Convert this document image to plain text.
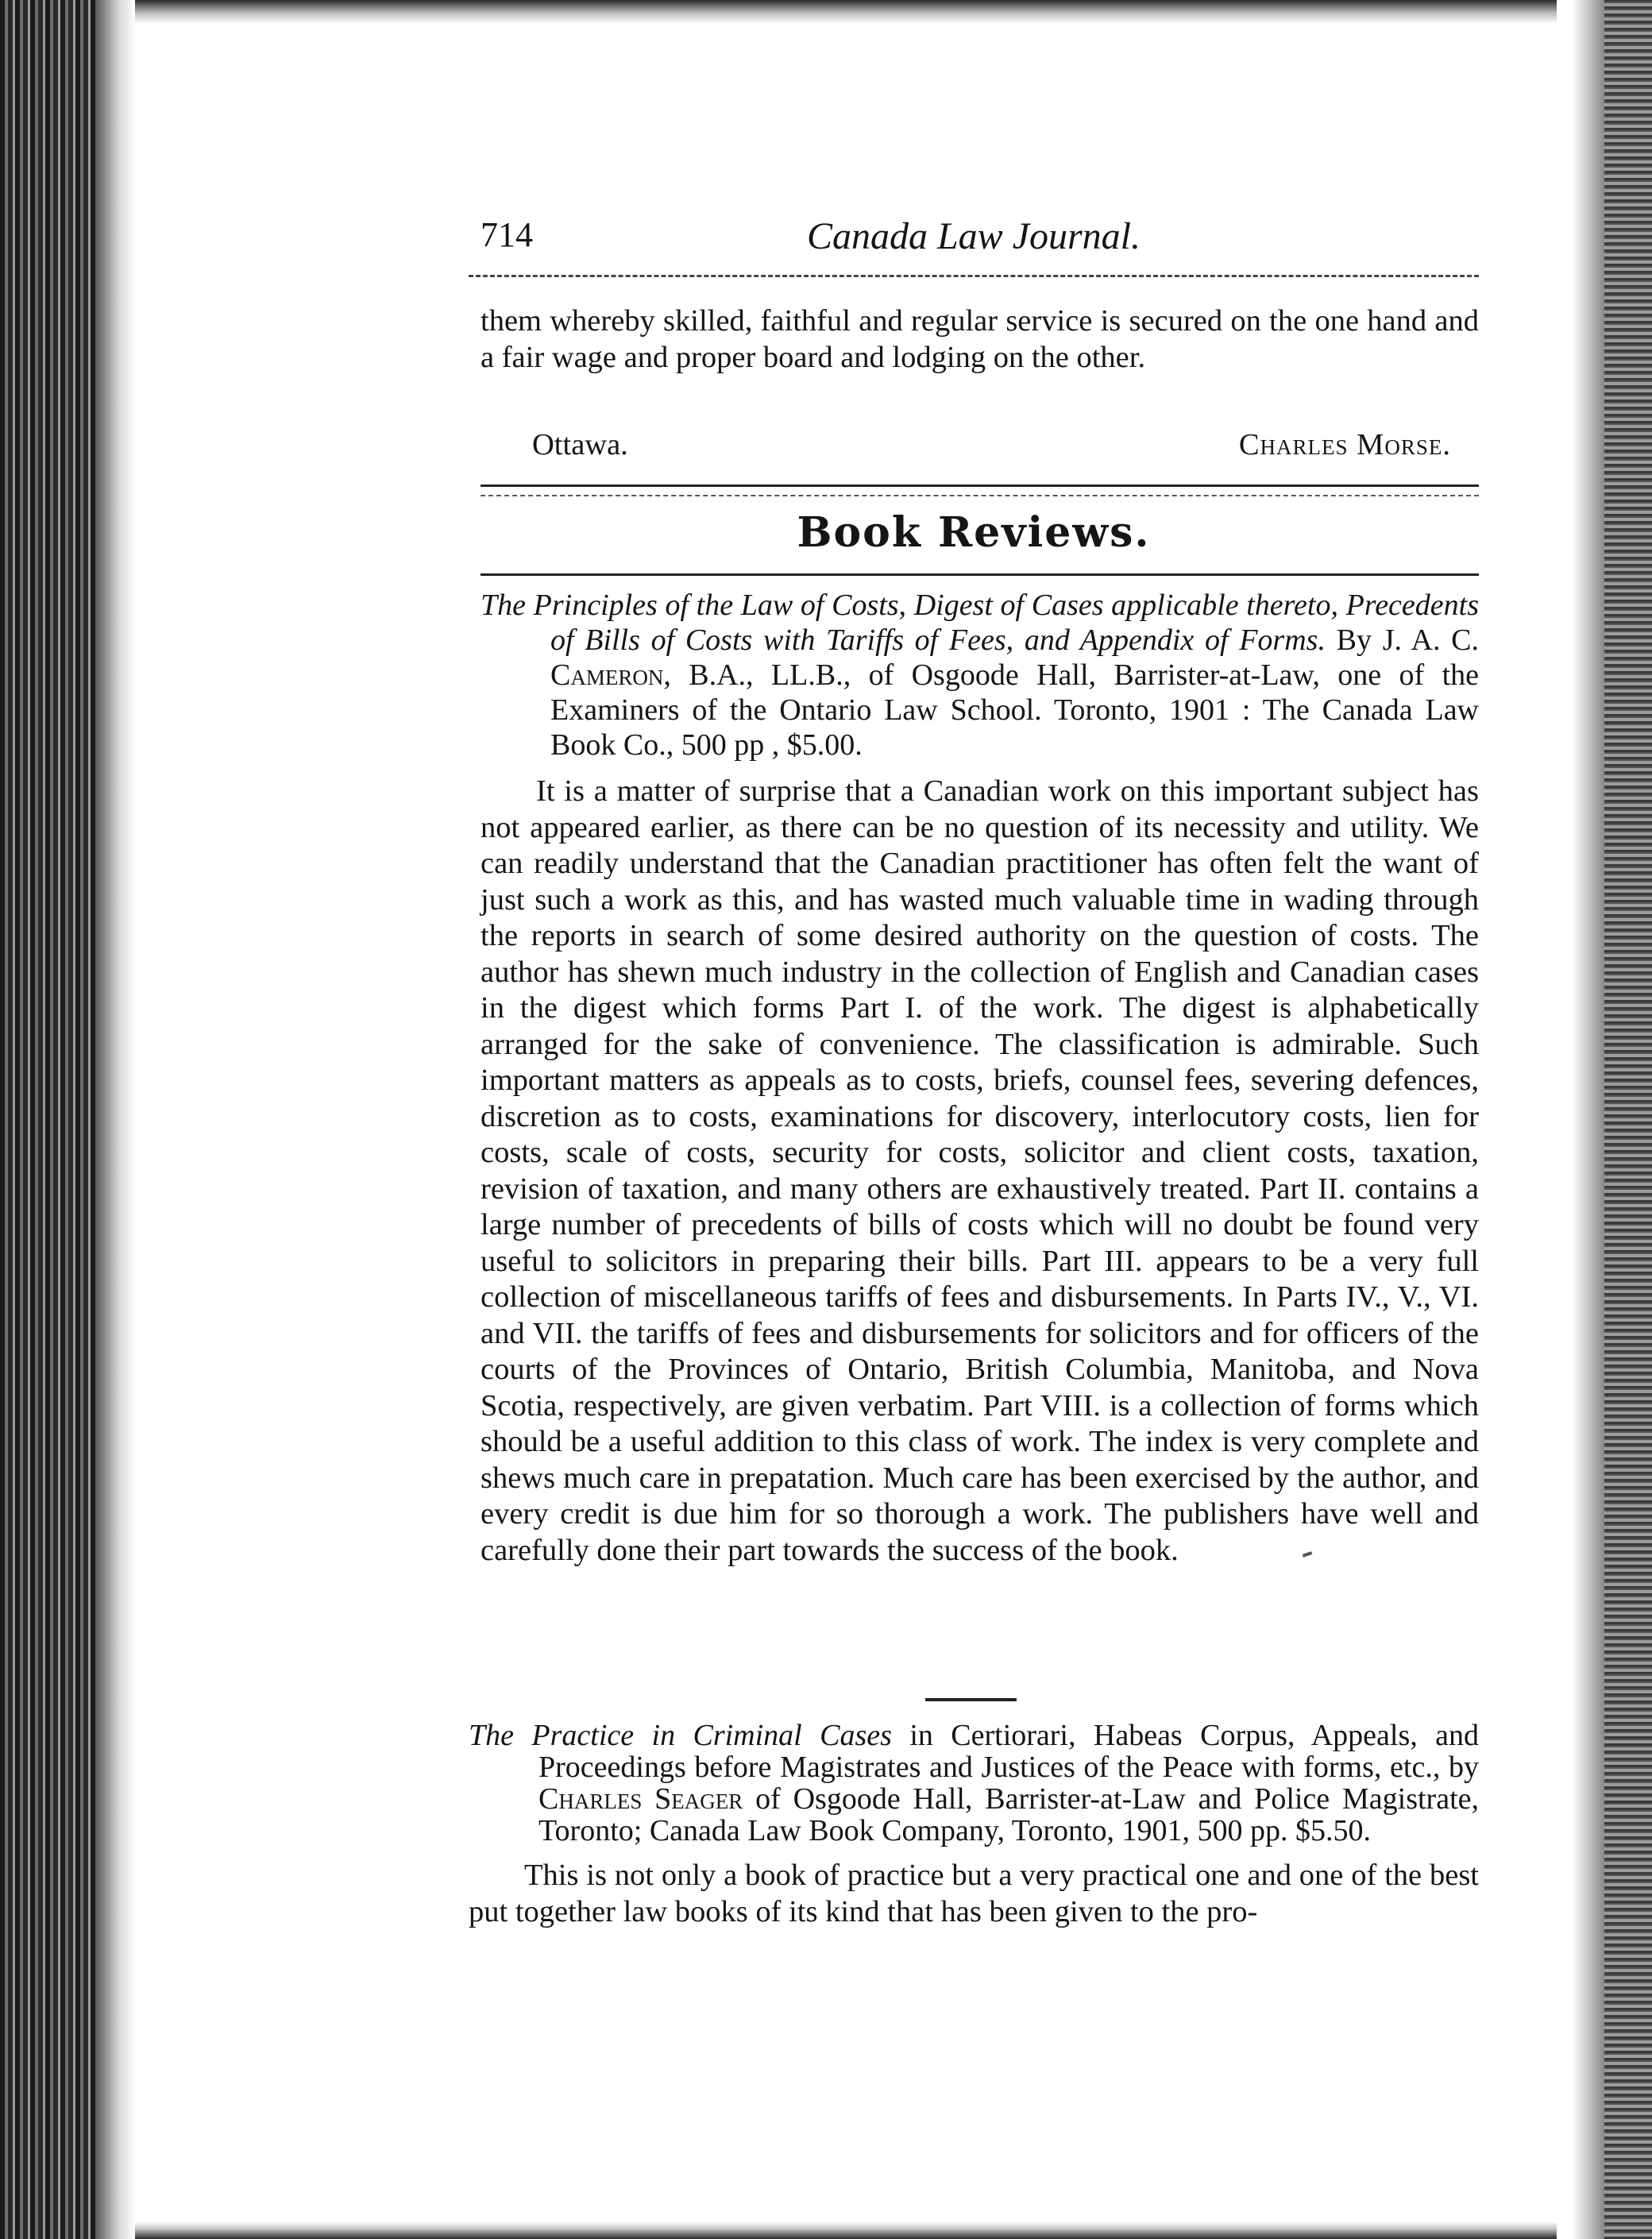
714	Canada Law Journal.

them whereby skilled, faithful and regular service is secured on the one hand and a fair wage and proper board and lodging on the other.

Ottawa.	Charles Morse.
Book Reviews.

The Principles of the Law of Costs, Digest of Cases applicable thereto, Precedents of Bills of Costs with Tariffs of Fees, and Appendix of Forms. By J. A. C. Cameron, B.A., LL.B., of Osgoode Hall, Barrister-at-Law, one of the Examiners of the Ontario Law School. Toronto, 1901 : The Canada Law Book Co., 500 pp , $5.00.

It is a matter of surprise that a Canadian work on this important subject has not appeared earlier, as there can be no question of its necessity and utility. We can readily understand that the Canadian practitioner has often felt the want of just such a work as this, and has wasted much valuable time in wading through the reports in search of some desired authority on the question of costs. The author has shewn much industry in the collection of English and Canadian cases in the digest which forms Part I. of the work. The digest is alphabetically arranged for the sake of convenience. The classification is admirable. Such important matters as appeals as to costs, briefs, counsel fees, severing defences, discretion as to costs, examinations for discovery, interlocutory costs, lien for costs, scale of costs, security for costs, solicitor and client costs, taxation, revision of taxation, and many others are exhaustively treated. Part II. contains a large number of precedents of bills of costs which will no doubt be found very useful to solicitors in preparing their bills. Part III. appears to be a very full collection of miscellaneous tariffs of fees and disbursements. In Parts IV., V., VI. and VII. the tariffs of fees and disbursements for solicitors and for officers of the courts of the Provinces of Ontario, British Columbia, Manitoba, and Nova Scotia, respectively, are given verbatim. Part VIII. is a collection of forms which should be a useful addition to this class of work. The index is very complete and shews much care in prepatation. Much care has been exercised by the author, and every credit is due him for so thorough a work. The publishers have well and carefully done their part towards the success of the book.

The Practice in Criminal Cases in Certiorari, Habeas Corpus, Appeals, and Proceedings before Magistrates and Justices of the Peace with forms, etc., by Charles Seager of Osgoode Hall, Barrister-at-Law and Police Magistrate, Toronto; Canada Law Book Company, Toronto, 1901, 500 pp. $5.50.

This is not only a book of practice but a very practical one and one of the best put together law books of its kind that has been given to the pro-
